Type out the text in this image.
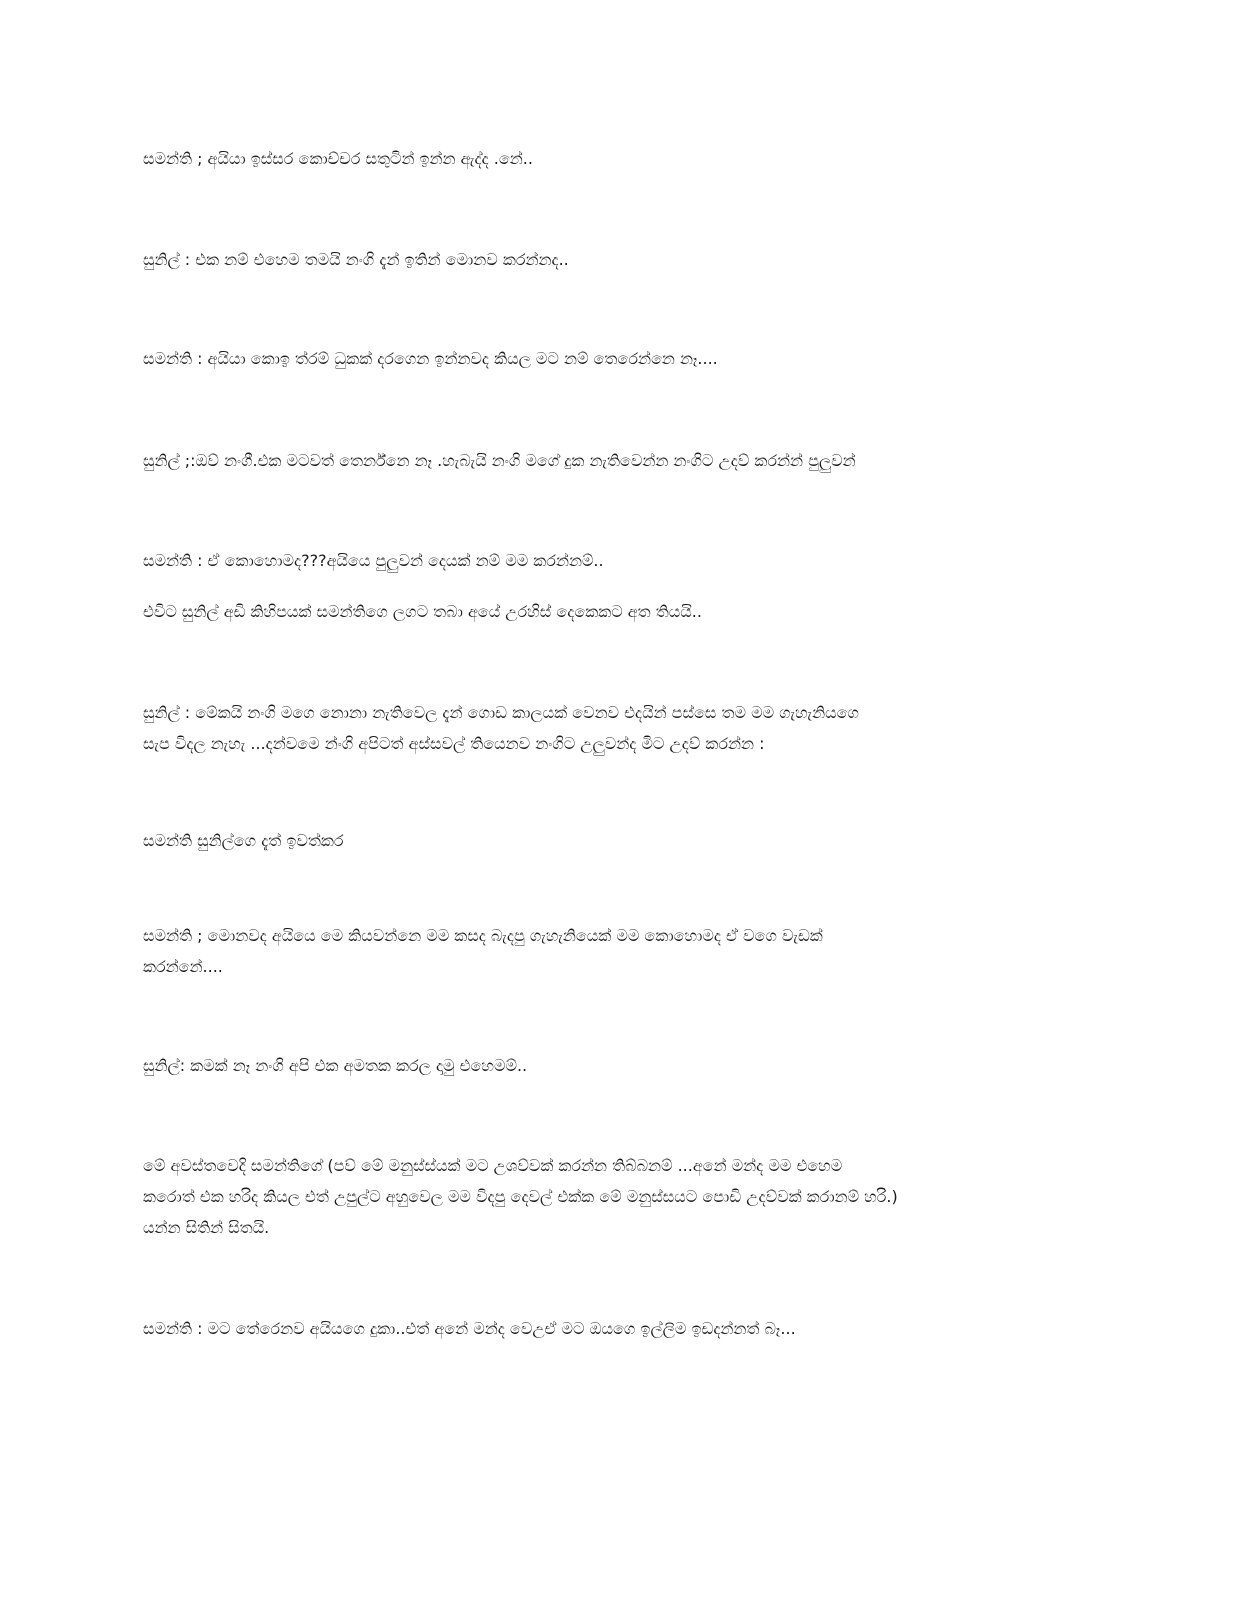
සමන්ති ; අයියා ඉස්සර කොච්චර සතුටින් ඉන්න ඇද්ද .නේ..

සුනිල් : එක නම් එහෙම තමයි නංගි දැන් ඉතින් මොනව කරන්නද..

සමන්ති : අයියා කොඉ ත්රම් ධුකක් දරගෙන ඉන්නවද කියල මට නම් තෙරෙන්නෙ නෑ....

සුනිල් ;:ඔව් නංගී.එක මටවත් තෙර්න්නෙ නෑ .හැබැයි නංගි මගේ දුක නැතිවෙන්න නංගිට උදව් කරන්න් පුලුවන්

සමන්ති : ඒ කොහොමද???අයියෙ පුලුවන් දෙයක් නම් මම කරන්නම්..

එවිට සුනිල් අඩි කිහිපයක් සමන්තිගෙ ලගට තබා අයේ උරහිස් දෙකෙකට අත තියයි..

සුනිල් : මේකයි නංගි මගෙ නොනා නැතිවෙල දැන් ගොඩ කාලයක් වෙනව එදයින් පස්සෙ තම මම ගැහැනියගෙ
සැප විදල නැහැ ...දන්වමෙ න්ංගි අපිටත් අස්සවල් තියෙනව නංගිට උලුවන්ද මිට උදව් කරන්න :

සමන්ති සුනිල්ගෙ දැත් ඉවත්කර

සමන්ති ; මොනවද අයියෙ මෙ කියවන්නෙ මම කසද බැදපු ගැහැනියෙක් මම කොහොමද ඒ වගෙ වැඩක්
කරන්නේ....

සුනිල්: කමක් නෑ නංගි අපි එක අමතක කරල දාමු එහෙමම්..

මේ අවස්තවෙදි සමන්තිගේ (පව් මේ මනුස්ස්යක් මට උශව්වක් කරන්න තිබ්බනම් ...අනේ මන්ද මම එහෙම
කරොත් එක හරිද කියල එත් උපුල්ට අහුවෙල මම විදපු දෙවල් එක්ක මේ මනුස්සයට පොඩි උදව්වක් කරානම් හරි.)
යන්න සිතින් සිතයි.

සමන්ති : මට තේරෙනව අයියගෙ දුකා..එත් අනේ මන්ද වෙඋඒ මට ඔයගෙ ඉල්ලිම ඉඩදන්නත් බෑ...
